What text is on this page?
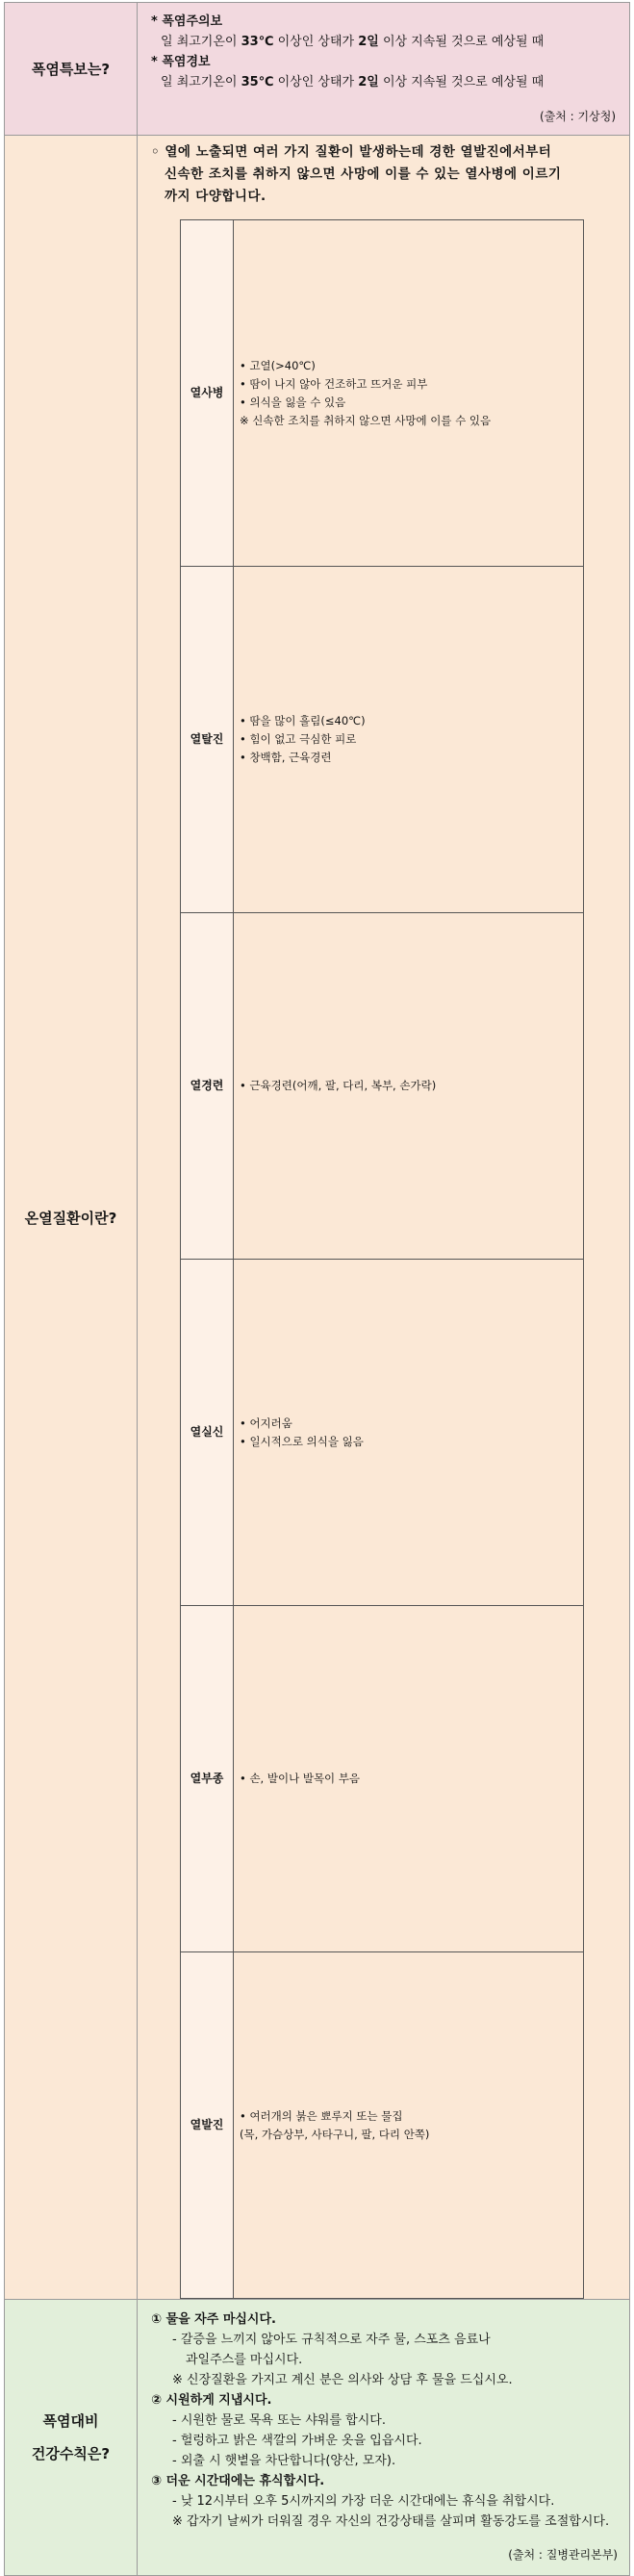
폭염특보는?	
* 폭염주의보
일 최고기온이 33℃ 이상인 상태가 2일 이상 지속될 것으로 예상될 때
* 폭염경보
일 최고기온이 35℃ 이상인 상태가 2일 이상 지속될 것으로 예상될 때
(출처 : 기상청)

온열질환이란?	
◦ 열에 노출되면 여러 가지 질환이 발생하는데 경한 열발진에서부터
신속한 조치를 취하지 않으면 사망에 이를 수 있는 열사병에 이르기
까지 다양합니다.
열사병	
• 고열(>40℃)
• 땀이 나지 않아 건조하고 뜨거운 피부
• 의식을 잃을 수 있음
※ 신속한 조치를 취하지 않으면 사망에 이를 수 있음

열탈진	
• 땀을 많이 흘림(≤40℃)
• 힘이 없고 극심한 피로
• 창백함, 근육경련

열경련	• 근육경련(어깨, 팔, 다리, 복부, 손가락)

열실신	
• 어지러움
• 일시적으로 의식을 잃음

열부종	• 손, 발이나 발목이 부음

열발진	
• 여러개의 붉은 뾰루지 또는 물집
(목, 가슴상부, 사타구니, 팔, 다리 안쪽)

폭염대비
건강수칙은?

① 물을 자주 마십시다.
- 갈증을 느끼지 않아도 규칙적으로 자주 물, 스포츠 음료나
과일주스를 마십시다.
※ 신장질환을 가지고 계신 분은 의사와 상담 후 물을 드십시오.
② 시원하게 지냅시다.
- 시원한 물로 목욕 또는 샤워를 합시다.
- 헐렁하고 밝은 색깔의 가벼운 옷을 입읍시다.
- 외출 시 햇볕을 차단합니다(양산, 모자).
③ 더운 시간대에는 휴식합시다.
- 낮 12시부터 오후 5시까지의 가장 더운 시간대에는 휴식을 취합시다.
※ 갑자기 날씨가 더워질 경우 자신의 건강상태를 살피며 활동강도를 조절합시다.
(출처 : 질병관리본부)
